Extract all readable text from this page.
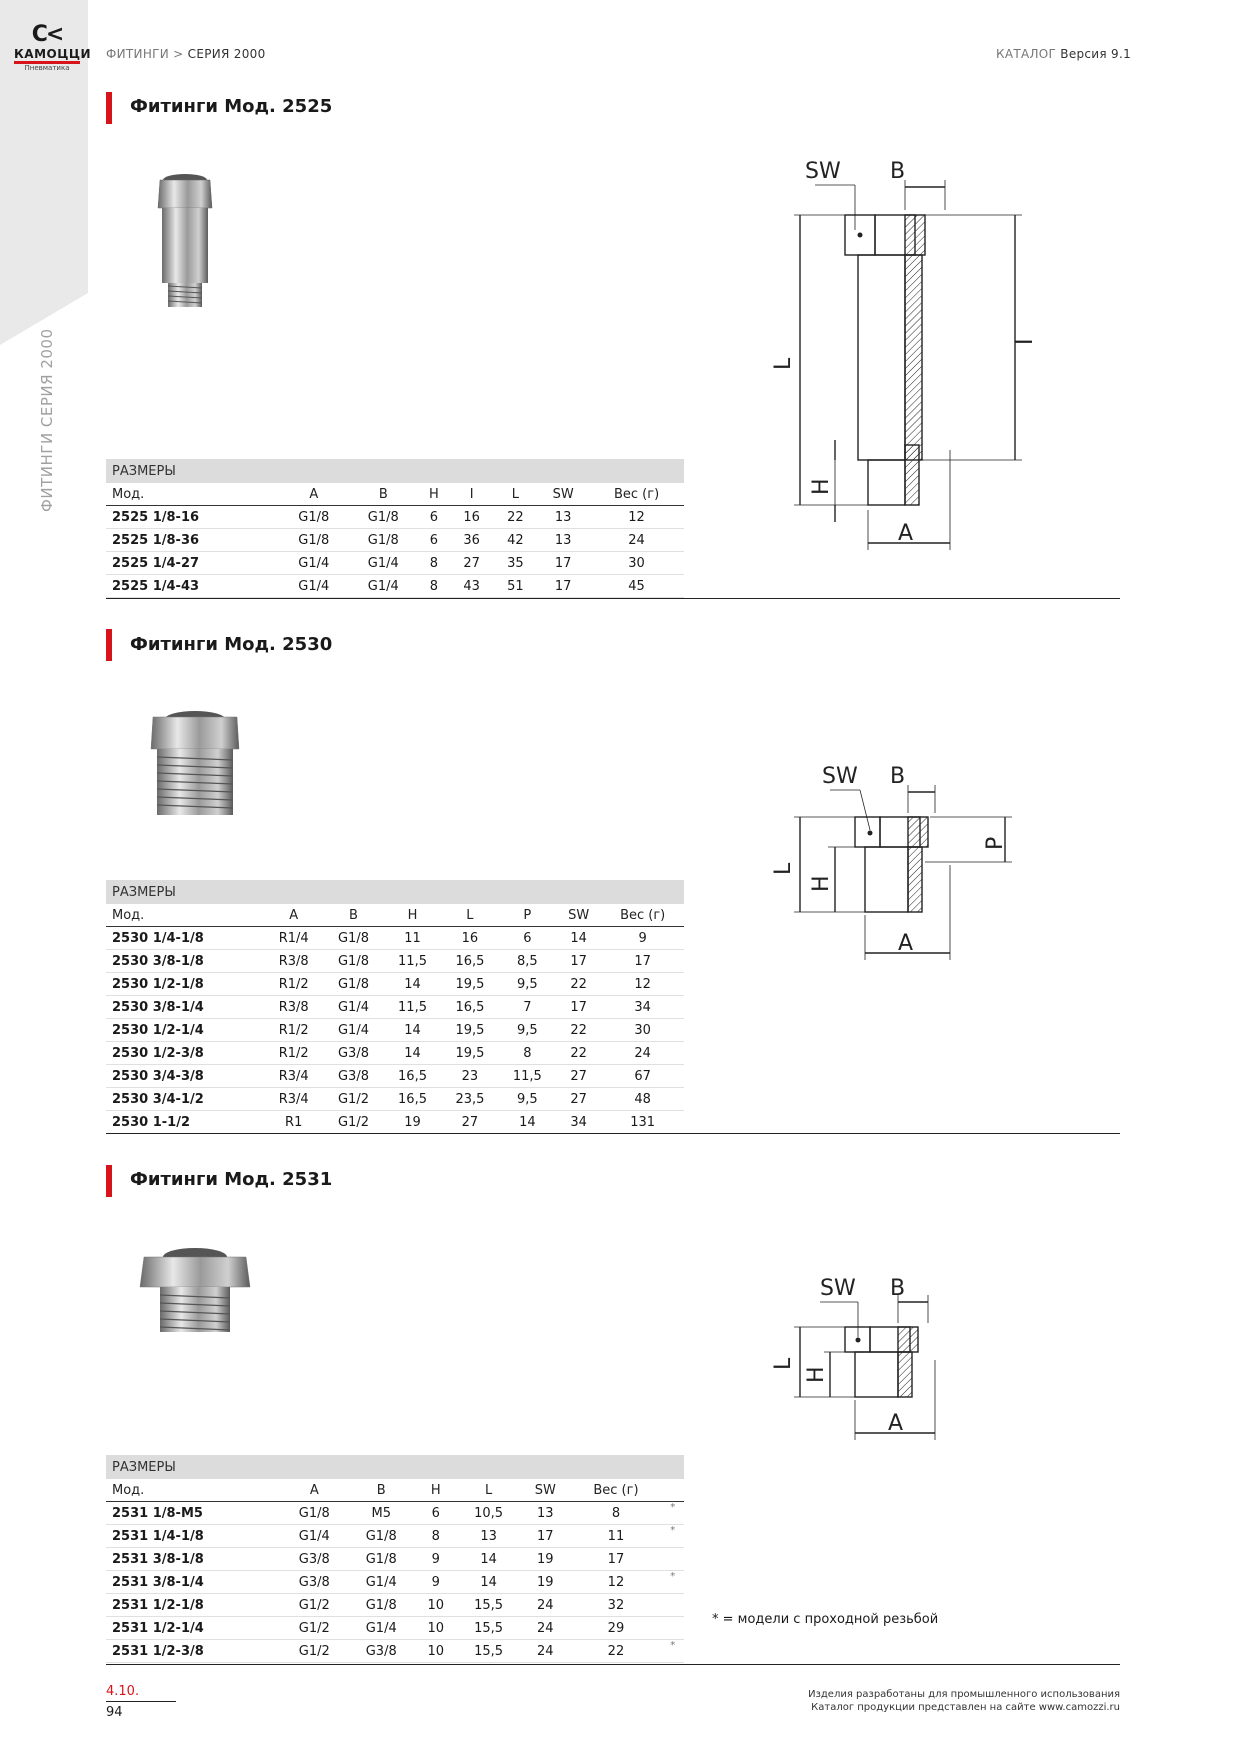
C<
КАМОЦЦИ
Пневматика
ФИТИНГИ СЕРИЯ 2000
ФИТИНГИ > СЕРИЯ 2000	КАТАЛОГ Версия 9.1
Фитинги Мод. 2525
SW B
L
I
H
A
РАЗМЕРЫ							
Мод.	A	B	H	I	L	SW	Вес (г)
2525 1/8-16	G1/8	G1/8	6	16	22	13	12
2525 1/8-36	G1/8	G1/8	6	36	42	13	24
2525 1/4-27	G1/4	G1/4	8	27	35	17	30
2525 1/4-43	G1/4	G1/4	8	43	51	17	45
Фитинги Мод. 2530
SW B
L
H
P
A
РАЗМЕРЫ							
Мод.	A	B	H	L	P	SW	Вес (г)
2530 1/4-1/8	R1/4	G1/8	11	16	6	14	9
2530 3/8-1/8	R3/8	G1/8	11,5	16,5	8,5	17	17
2530 1/2-1/8	R1/2	G1/8	14	19,5	9,5	22	12
2530 3/8-1/4	R3/8	G1/4	11,5	16,5	7	17	34
2530 1/2-1/4	R1/2	G1/4	14	19,5	9,5	22	30
2530 1/2-3/8	R1/2	G3/8	14	19,5	8	22	24
2530 3/4-3/8	R3/4	G3/8	16,5	23	11,5	27	67
2530 3/4-1/2	R3/4	G1/2	16,5	23,5	9,5	27	48
2530 1-1/2	R1	G1/2	19	27	14	34	131
Фитинги Мод. 2531
SW B
L
H
A
РАЗМЕРЫ							
Мод.	A	B	H	L	SW	Вес (г)	
2531 1/8-M5	G1/8	M5	6	10,5	13	8	*
2531 1/4-1/8	G1/4	G1/8	8	13	17	11	*
2531 3/8-1/8	G3/8	G1/8	9	14	19	17	
2531 3/8-1/4	G3/8	G1/4	9	14	19	12	*
2531 1/2-1/8	G1/2	G1/8	10	15,5	24	32	
2531 1/2-1/4	G1/2	G1/4	10	15,5	24	29	
2531 1/2-3/8	G1/2	G3/8	10	15,5	24	22	*
* = модели с проходной резьбой
4.10.
94
Изделия разработаны для промышленного использования
Каталог продукции представлен на сайте www.camozzi.ru
